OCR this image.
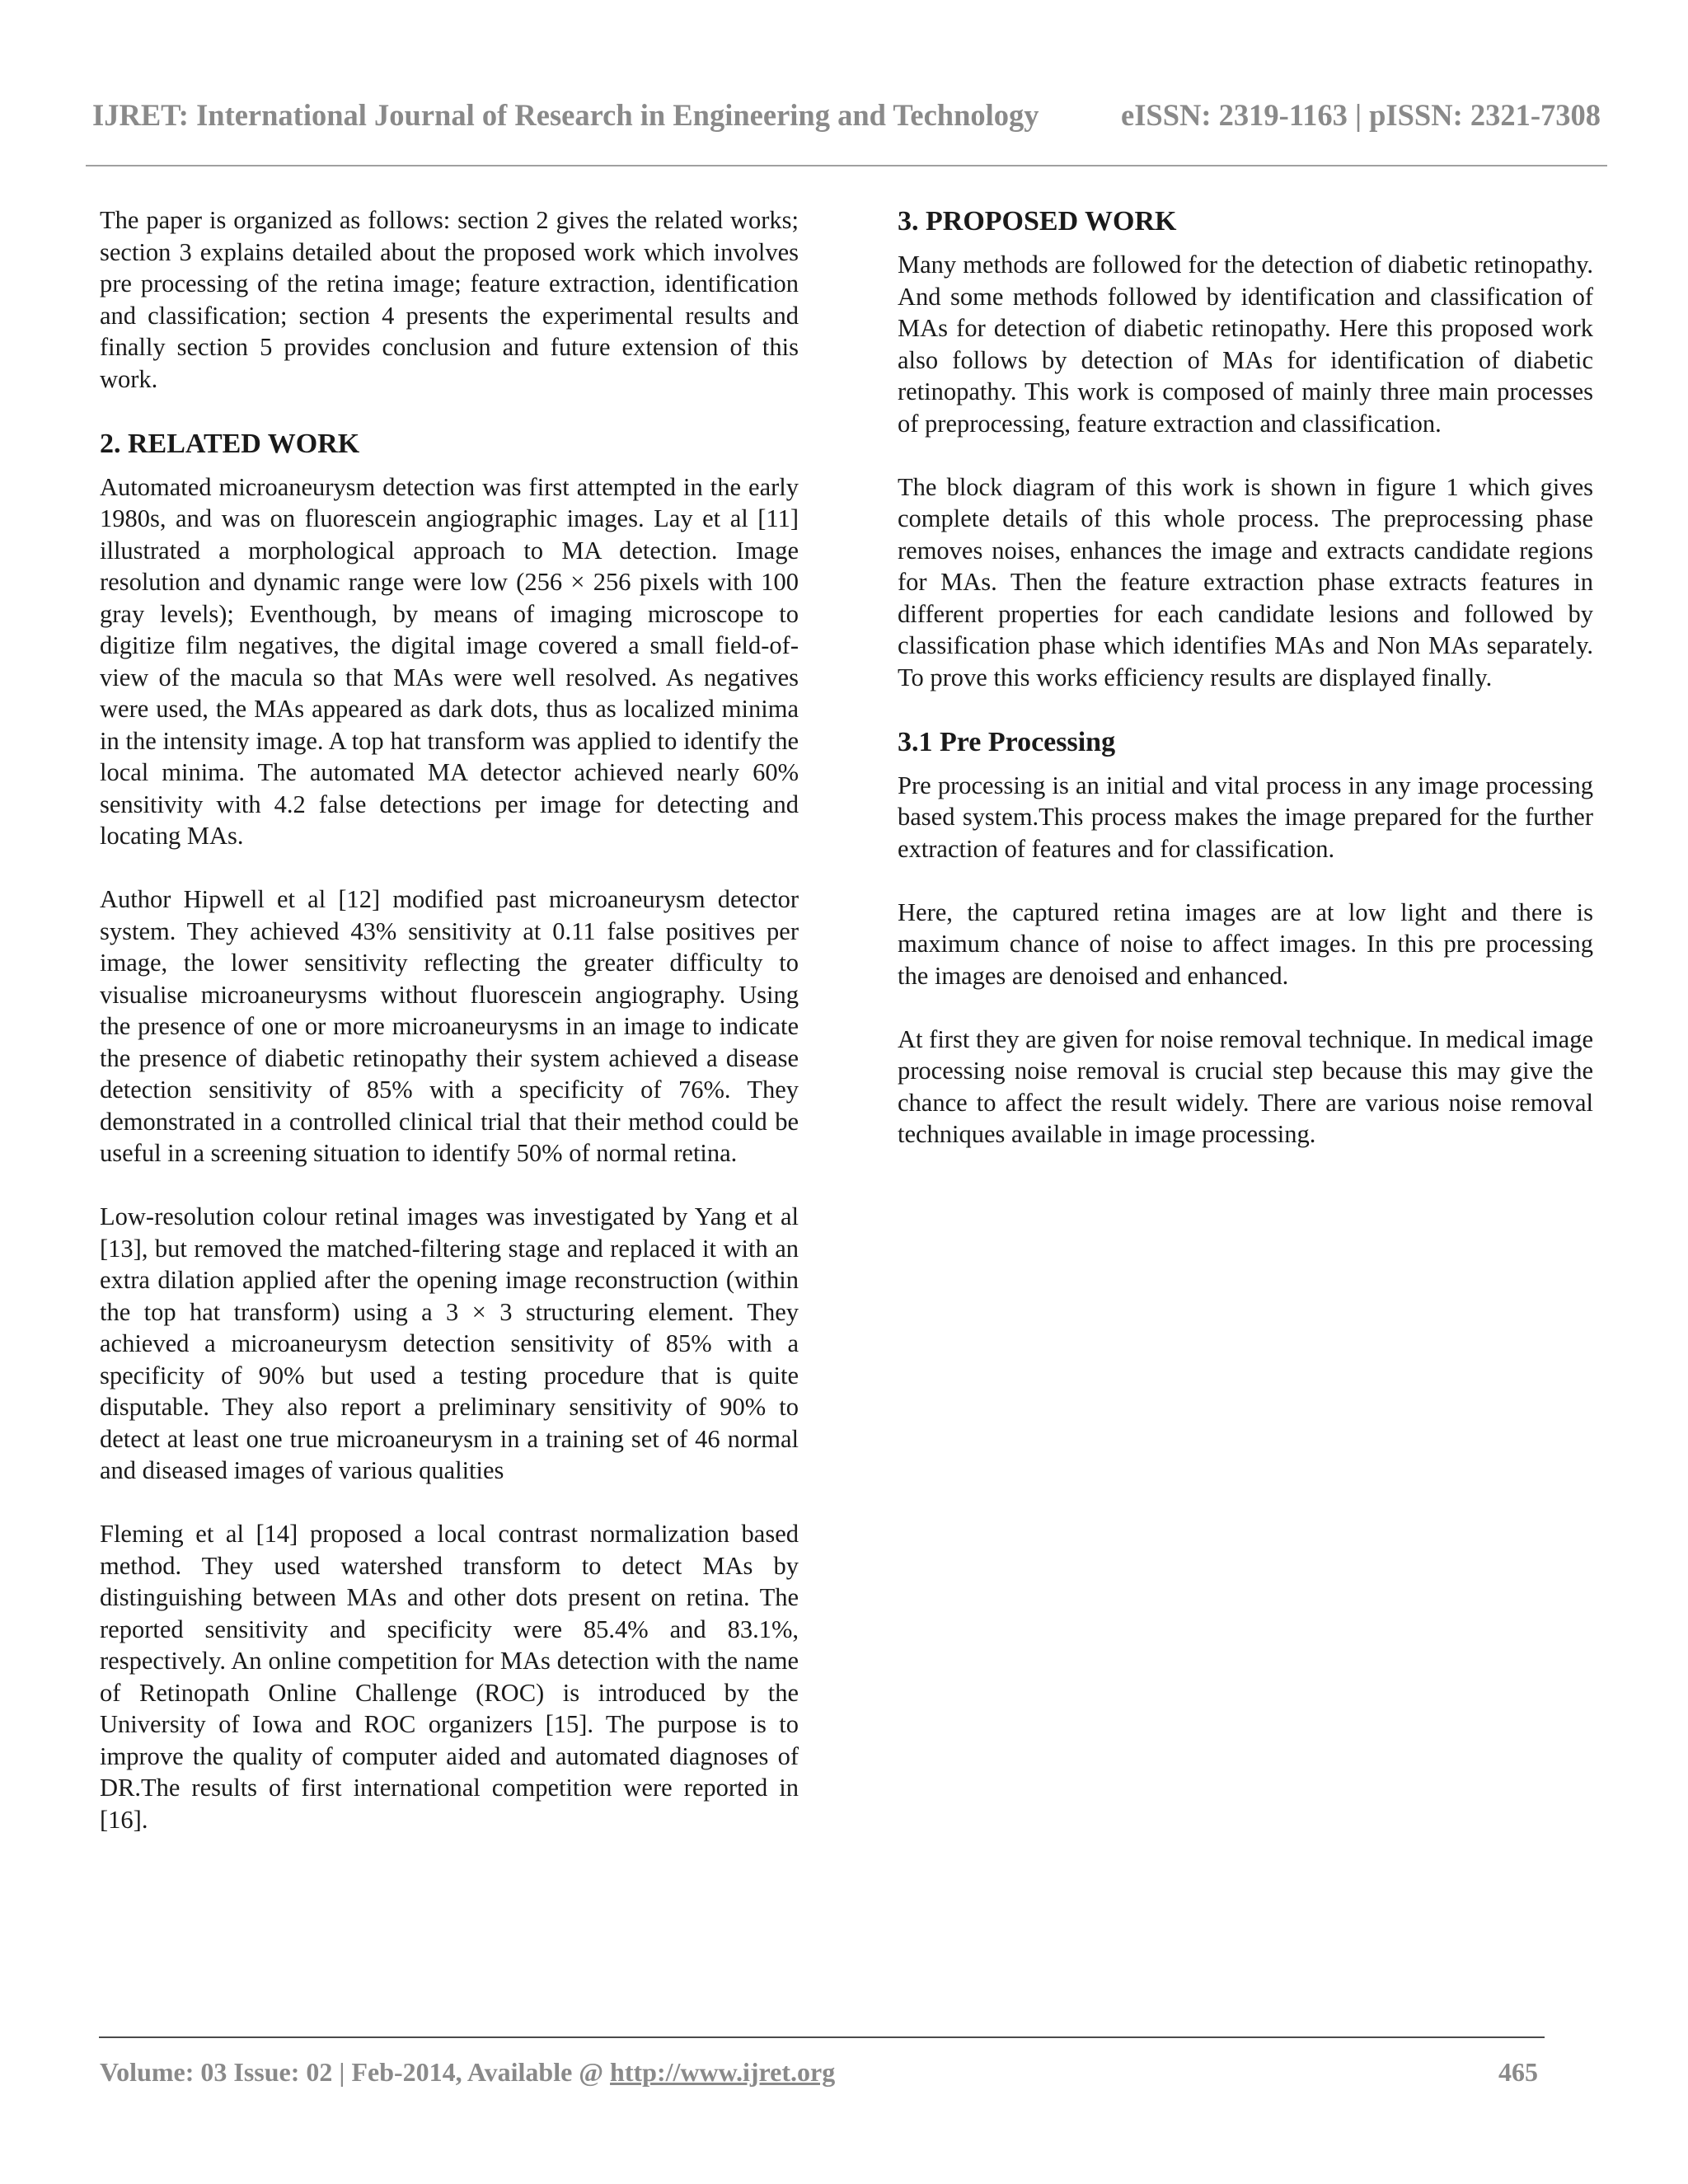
IJRET: International Journal of Research in Engineering and Technology	eISSN: 2319-1163 | pISSN: 2321-7308

The paper is organized as follows: section 2 gives the related works; section 3 explains detailed about the proposed work which involves pre processing of the retina image; feature extraction, identification and classification; section 4 presents the experimental results and finally section 5 provides conclusion and future extension of this work.

2. RELATED WORK

Automated microaneurysm detection was first attempted in the early 1980s, and was on fluorescein angiographic images. Lay et al [11] illustrated a morphological approach to MA detection. Image resolution and dynamic range were low (256 × 256 pixels with 100 gray levels); Eventhough, by means of imaging microscope to digitize film negatives, the digital image covered a small field-of-view of the macula so that MAs were well resolved. As negatives were used, the MAs appeared as dark dots, thus as localized minima in the intensity image. A top hat transform was applied to identify the local minima. The automated MA detector achieved nearly 60% sensitivity with 4.2 false detections per image for detecting and locating MAs.

Author Hipwell et al [12] modified past microaneurysm detector system. They achieved 43% sensitivity at 0.11 false positives per image, the lower sensitivity reflecting the greater difficulty to visualise microaneurysms without fluorescein angiography. Using the presence of one or more microaneurysms in an image to indicate the presence of diabetic retinopathy their system achieved a disease detection sensitivity of 85% with a specificity of 76%. They demonstrated in a controlled clinical trial that their method could be useful in a screening situation to identify 50% of normal retina.

Low-resolution colour retinal images was investigated by Yang et al [13], but removed the matched-filtering stage and replaced it with an extra dilation applied after the opening image reconstruction (within the top hat transform) using a 3 × 3 structuring element. They achieved a microaneurysm detection sensitivity of 85% with a specificity of 90% but used a testing procedure that is quite disputable. They also report a preliminary sensitivity of 90% to detect at least one true microaneurysm in a training set of 46 normal and diseased images of various qualities

Fleming et al [14] proposed a local contrast normalization based method. They used watershed transform to detect MAs by distinguishing between MAs and other dots present on retina. The reported sensitivity and specificity were 85.4% and 83.1%, respectively. An online competition for MAs detection with the name of Retinopath Online Challenge (ROC) is introduced by the University of Iowa and ROC organizers [15]. The purpose is to improve the quality of computer aided and automated diagnoses of DR.The results of first international competition were reported in [16].

3. PROPOSED WORK

Many methods are followed for the detection of diabetic retinopathy. And some methods followed by identification and classification of MAs for detection of diabetic retinopathy. Here this proposed work also follows by detection of MAs for identification of diabetic retinopathy. This work is composed of mainly three main processes of preprocessing, feature extraction and classification.

The block diagram of this work is shown in figure 1 which gives complete details of this whole process. The preprocessing phase removes noises, enhances the image and extracts candidate regions for MAs. Then the feature extraction phase extracts features in different properties for each candidate lesions and followed by classification phase which identifies MAs and Non MAs separately. To prove this works efficiency results are displayed finally.

3.1 Pre Processing

Pre processing is an initial and vital process in any image processing based system.This process makes the image prepared for the further extraction of features and for classification.

Here, the captured retina images are at low light and there is maximum chance of noise to affect images. In this pre processing the images are denoised and enhanced.

At first they are given for noise removal technique. In medical image processing noise removal is crucial step because this may give the chance to affect the result widely. There are various noise removal techniques available in image processing.

Volume: 03 Issue: 02 | Feb-2014, Available @ http://www.ijret.org	465
